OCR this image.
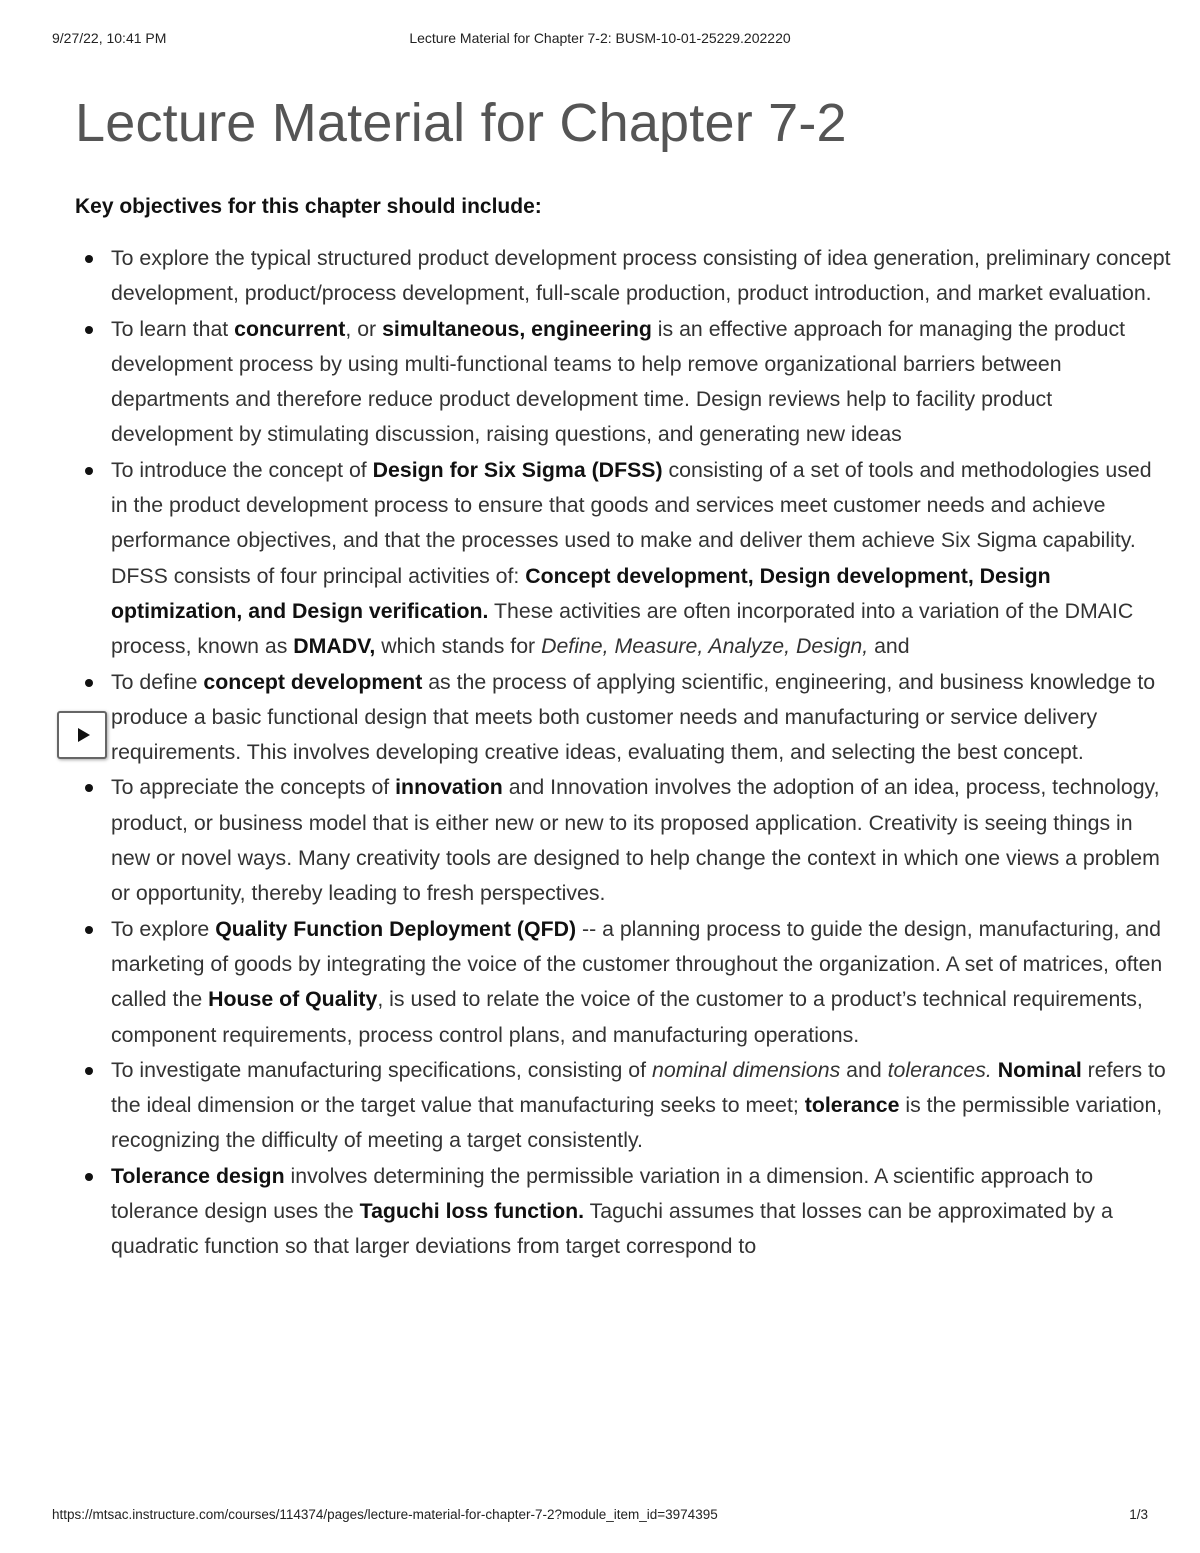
9/27/22, 10:41 PM	Lecture Material for Chapter 7-2: BUSM-10-01-25229.202220
Lecture Material for Chapter 7-2

Key objectives for this chapter should include:

To explore the typical structured product development process consisting of idea generation, preliminary concept development, product/process development, full-scale production, product introduction, and market evaluation.
To learn that concurrent, or simultaneous, engineering is an effective approach for managing the product development process by using multi-functional teams to help remove organizational barriers between departments and therefore reduce product development time. Design reviews help to facility product development by stimulating discussion, raising questions, and generating new ideas
To introduce the concept of Design for Six Sigma (DFSS) consisting of a set of tools and methodologies used in the product development process to ensure that goods and services meet customer needs and achieve performance objectives, and that the processes used to make and deliver them achieve Six Sigma capability. DFSS consists of four principal activities of: Concept development, Design development, Design optimization, and Design verification. These activities are often incorporated into a variation of the DMAIC process, known as DMADV, which stands for Define, Measure, Analyze, Design, and
To define concept development as the process of applying scientific, engineering, and business knowledge to produce a basic functional design that meets both customer needs and manufacturing or service delivery requirements. This involves developing creative ideas, evaluating them, and selecting the best concept.
To appreciate the concepts of innovation and Innovation involves the adoption of an idea, process, technology, product, or business model that is either new or new to its proposed application. Creativity is seeing things in new or novel ways. Many creativity tools are designed to help change the context in which one views a problem or opportunity, thereby leading to fresh perspectives.
To explore Quality Function Deployment (QFD) -- a planning process to guide the design, manufacturing, and marketing of goods by integrating the voice of the customer throughout the organization. A set of matrices, often called the House of Quality, is used to relate the voice of the customer to a product’s technical requirements, component requirements, process control plans, and manufacturing operations.
To investigate manufacturing specifications, consisting of nominal dimensions and tolerances. Nominal refers to the ideal dimension or the target value that manufacturing seeks to meet; tolerance is the permissible variation, recognizing the difficulty of meeting a target consistently.
Tolerance design involves determining the permissible variation in a dimension. A scientific approach to tolerance design uses the Taguchi loss function. Taguchi assumes that losses can be approximated by a quadratic function so that larger deviations from target correspond to
https://mtsac.instructure.com/courses/114374/pages/lecture-material-for-chapter-7-2?module_item_id=3974395	1/3
